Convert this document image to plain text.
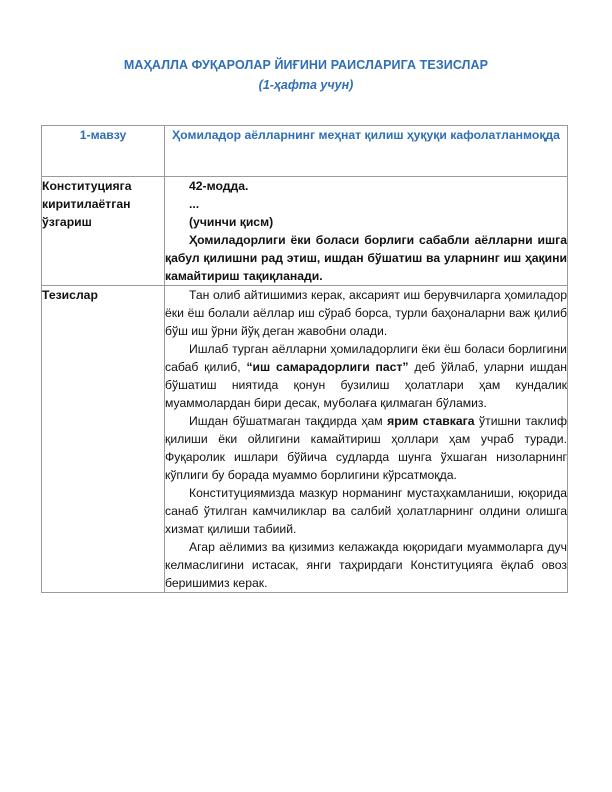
МАҲАЛЛА ФУҚАРОЛАР ЙИҒИНИ РАИСЛАРИГА ТЕЗИСЛАР
(1-ҳафта учун)
1-мавзу	Ҳомиладор аёлларнинг меҳнат қилиш ҳуқуқи кафолатланмоқда
Конституцияга киритилаётган ўзгариш	42-модда.
...
(учинчи қисм)
Ҳомиладорлиги ёки боласи борлиги сабабли аёлларни ишга қабул қилишни рад этиш, ишдан бўшатиш ва уларнинг иш ҳақини камайтириш тақиқланади.

Тезислар	Тан олиб айтишимиз керак, аксарият иш берувчиларга ҳомиладор ёки ёш болали аёллар иш сўраб борса, турли баҳоналарни важ қилиб бўш иш ўрни йўқ деган жавобни олади.

Ишлаб турган аёлларни ҳомиладорлиги ёки ёш боласи борлигини сабаб қилиб, “иш самарадорлиги паст” деб ўйлаб, уларни ишдан бўшатиш ниятида қонун бузилиш ҳолатлари ҳам кундалик муаммолардан бири десак, муболаға қилмаган бўламиз.

Ишдан бўшатмаган тақдирда ҳам ярим ставкага ўтишни таклиф қилиши ёки ойлигини камайтириш ҳоллари ҳам учраб туради. Фуқаролик ишлари бўйича судларда шунга ўхшаган низоларнинг кўплиги бу борада муаммо борлигини кўрсатмоқда.

Конституциямизда мазкур норманинг мустаҳкамланиши, юқорида санаб ўтилган камчиликлар ва салбий ҳолатларнинг олдини олишга хизмат қилиши табиий.

Агар аёлимиз ва қизимиз келажакда юқоридаги муаммоларга дуч келмаслигини истасак, янги таҳрирдаги Конституцияга ёқлаб овоз беришимиз керак.
